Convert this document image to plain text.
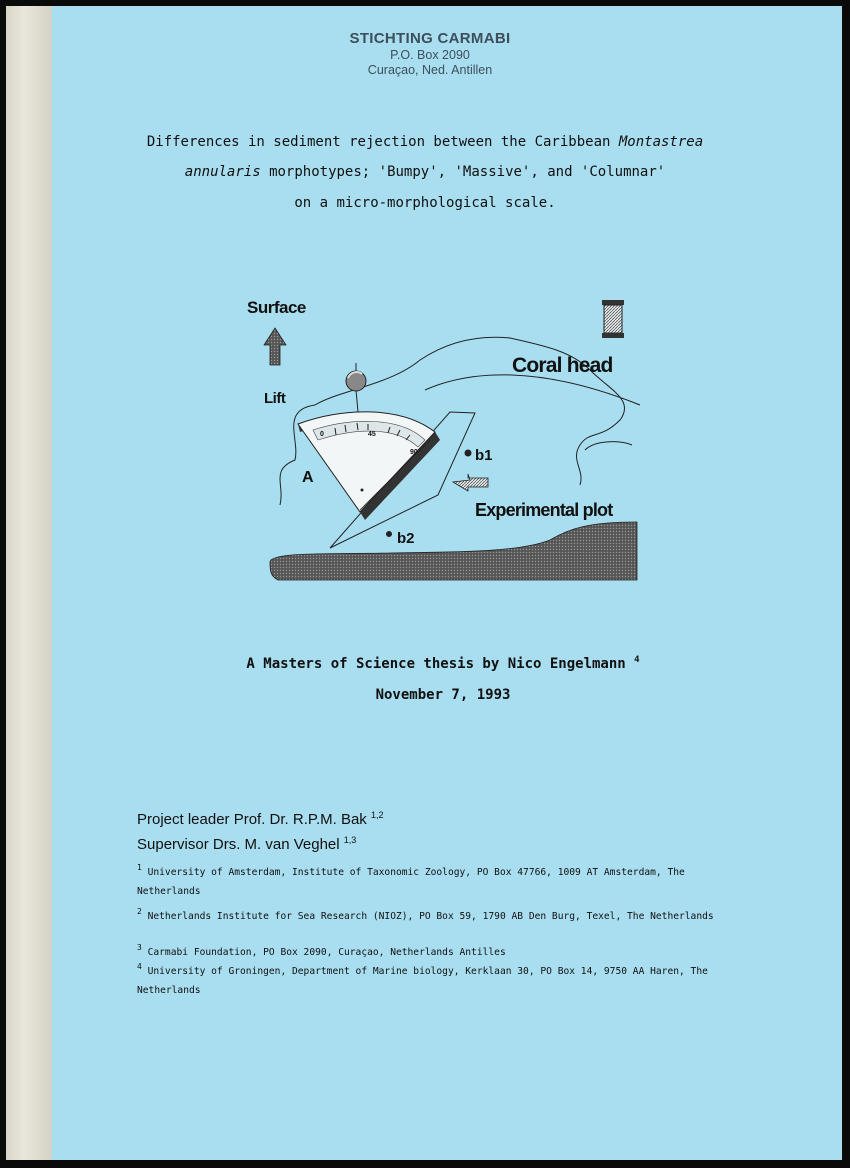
STICHTING CARMABI
P.O. Box 2090
Curaçao, Ned. Antillen
Differences in sediment rejection between the Caribbean Montastrea
annularis morphotypes; 'Bumpy', 'Massive', and 'Columnar'
on a micro-morphological scale.
0	45
90
Surface
Lift
Coral head
A
b1
b2
Experimental plot
A Masters of Science thesis by Nico Engelmann $^4$
November 7, 1993
Project leader Prof. Dr. R.P.M. Bak $^{1,2}$
Supervisor Drs. M. van Veghel $^{1,3}$
$^1$ University of Amsterdam, Institute of Taxonomic Zoology, PO Box 47766, 1009 AT Amsterdam, The Netherlands
$^2$ Netherlands Institute for Sea Research (NIOZ), PO Box 59, 1790 AB Den Burg, Texel, The Netherlands
$^3$ Carmabi Foundation, PO Box 2090, Curaçao, Netherlands Antilles
$^4$ University of Groningen, Department of Marine biology, Kerklaan 30, PO Box 14, 9750 AA Haren, The Netherlands
